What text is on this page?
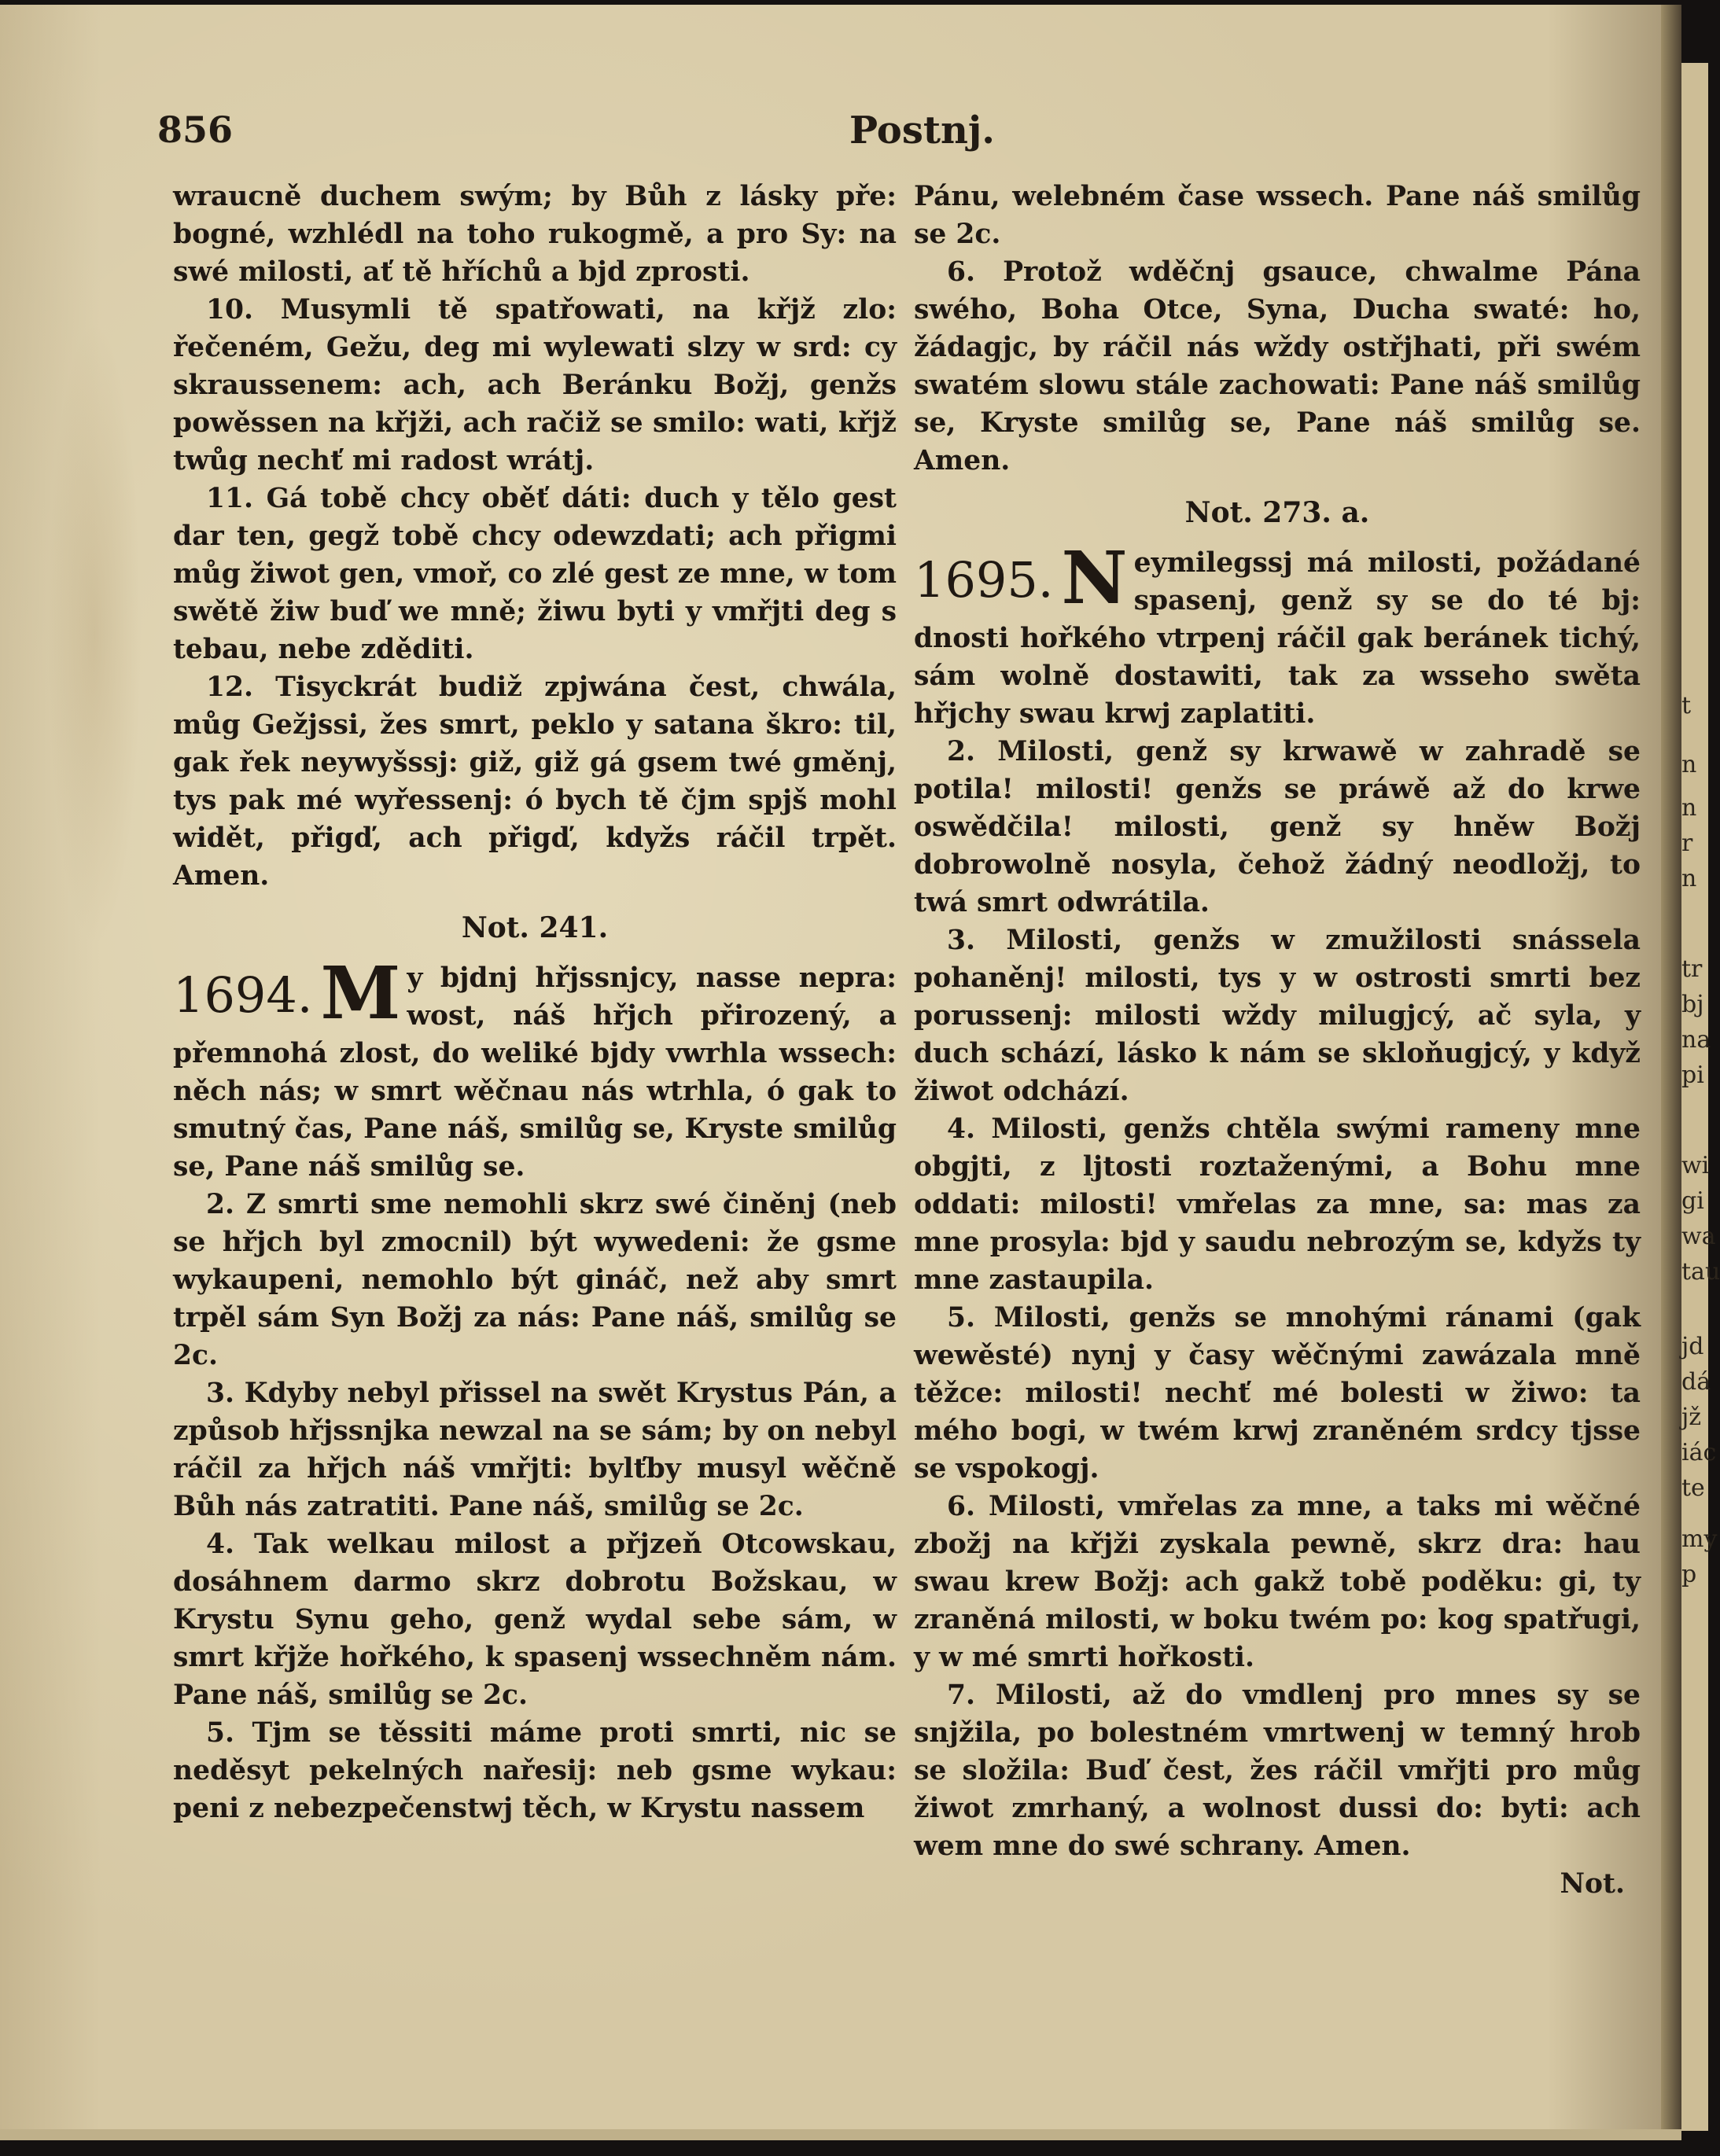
856	Postnj.

wraucně duchem swým; by Bůh z lásky pře: bogné, wzhlédl na toho rukogmě, a pro Sy: na swé milosti, ať tě hříchů a bjd zprosti.

10. Musymli tě spatřowati, na křjž zlo: řečeném, Gežu, deg mi wylewati slzy w srd: cy skraussenem: ach, ach Beránku Božj, genžs powěssen na křjži, ach račiž se smilo: wati, křjž twůg nechť mi radost wrátj.

11. Gá tobě chcy oběť dáti: duch y tělo gest dar ten, gegž tobě chcy odewzdati; ach přigmi můg žiwot gen, vmoř, co zlé gest ze mne, w tom swětě žiw buď we mně; žiwu byti y vmřjti deg s tebau, nebe zděditi.

12. Tisyckrát budiž zpjwána čest, chwála, můg Gežjssi, žes smrt, peklo y satana škro: til, gak řek neywyšssj: giž, giž gá gsem twé gměnj, tys pak mé wyřessenj: ó bych tě čjm spjš mohl widět, přigď, ach přigď, kdyžs ráčil trpět. Amen.

Not. 241.
1694. M y bjdnj hřjssnjcy, nasse nepra: wost, náš hřjch přirozený, a přemnohá zlost, do weliké bjdy vwrhla wssech: něch nás; w smrt wěčnau nás wtrhla, ó gak to smutný čas, Pane náš, smilůg se, Kryste smilůg se, Pane náš smilůg se.

2. Z smrti sme nemohli skrz swé činěnj (neb se hřjch byl zmocnil) být wywedeni: že gsme wykaupeni, nemohlo být gináč, než aby smrt trpěl sám Syn Božj za nás: Pane náš, smilůg se 2c.

3. Kdyby nebyl přissel na swět Krystus Pán, a způsob hřjssnjka newzal na se sám; by on nebyl ráčil za hřjch náš vmřjti: bylťby musyl wěčně Bůh nás zatratiti. Pane náš, smilůg se 2c.

4. Tak welkau milost a přjzeň Otcowskau, dosáhnem darmo skrz dobrotu Božskau, w Krystu Synu geho, genž wydal sebe sám, w smrt křjže hořkého, k spasenj wssechněm nám. Pane náš, smilůg se 2c.

5. Tjm se těssiti máme proti smrti, nic se neděsyt pekelných nařesij: neb gsme wykau: peni z nebezpečenstwj těch, w Krystu nassem

Pánu, welebném čase wssech. Pane náš smilůg se 2c.

6. Protož wděčnj gsauce, chwalme Pána swého, Boha Otce, Syna, Ducha swaté: ho, žádagjc, by ráčil nás wždy ostřjhati, při swém swatém slowu stále zachowati: Pane náš smilůg se, Kryste smilůg se, Pane náš smilůg se. Amen.

Not. 273. a.
1695. N eymilegssj má milosti, požádané spasenj, genž sy se do té bj: dnosti hořkého vtrpenj ráčil gak beránek tichý, sám wolně dostawiti, tak za wsseho swěta hřjchy swau krwj zaplatiti.

2. Milosti, genž sy krwawě w zahradě se potila! milosti! genžs se práwě až do krwe oswědčila! milosti, genž sy hněw Božj dobrowolně nosyla, čehož žádný neodložj, to twá smrt odwrátila.

3. Milosti, genžs w zmužilosti snássela pohaněnj! milosti, tys y w ostrosti smrti bez porussenj: milosti wždy milugjcý, ač syla, y duch schází, lásko k nám se skloňugjcý, y když žiwot odchází.

4. Milosti, genžs chtěla swými rameny mne obgjti, z ljtosti roztaženými, a Bohu mne oddati: milosti! vmřelas za mne, sa: mas za mne prosyla: bjd y saudu nebrozým se, kdyžs ty mne zastaupila.

5. Milosti, genžs se mnohými ránami (gak wewěsté) nynj y časy wěčnými zawázala mně těžce: milosti! nechť mé bolesti w žiwo: ta mého bogi, w twém krwj zraněném srdcy tjsse se vspokogj.

6. Milosti, vmřelas za mne, a taks mi wěčné zbožj na křjži zyskala pewně, skrz dra: hau swau krew Božj: ach gakž tobě poděku: gi, ty zraněná milosti, w boku twém po: kog spatřugi, y w mé smrti hořkosti.

7. Milosti, až do vmdlenj pro mnes sy se snjžila, po bolestném vmrtwenj w temný hrob se složila: Buď čest, žes ráčil vmřjti pro můg žiwot zmrhaný, a wolnost dussi do: byti: ach wem mne do swé schrany. Amen.

Not.
t
n
n
r
n
tr
bj
na
pi
wi
gi
wa
tau
jd
dá
jž
iác
te
my
p
